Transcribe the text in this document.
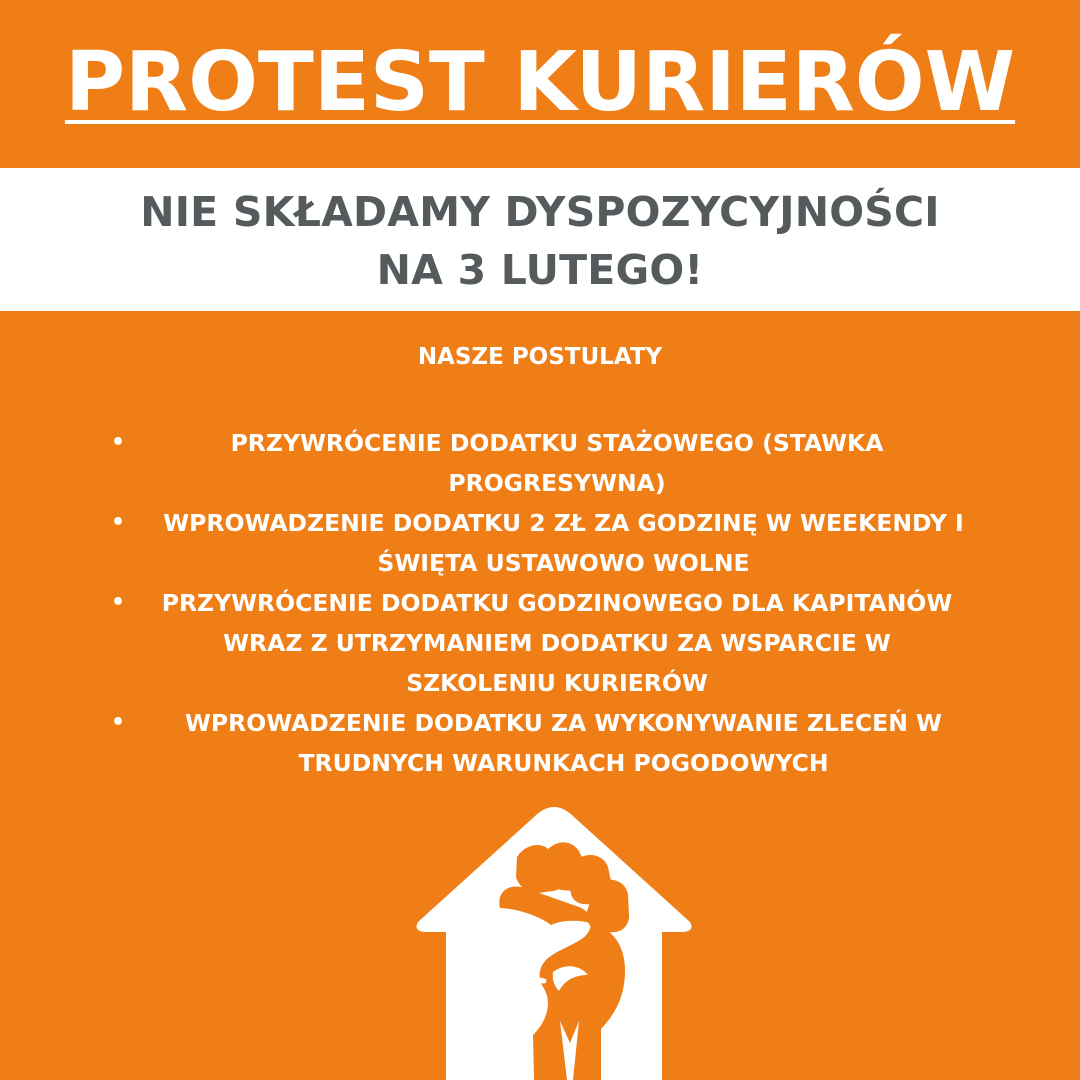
PROTEST KURIERÓW
NIE SKŁADAMY DYSPOZYCYJNOŚCI
NA 3 LUTEGO!
NASZE POSTULATY
•	PRZYWRÓCENIE DODATKU STAŻOWEGO (STAWKA PROGRESYWNA)
•	WPROWADZENIE DODATKU 2 ZŁ ZA GODZINĘ W WEEKENDY I ŚWIĘTA USTAWOWO WOLNE
•	PRZYWRÓCENIE DODATKU GODZINOWEGO DLA KAPITANÓW WRAZ Z UTRZYMANIEM DODATKU ZA WSPARCIE W SZKOLENIU KURIERÓW
•	WPROWADZENIE DODATKU ZA WYKONYWANIE ZLECEŃ W TRUDNYCH WARUNKACH POGODOWYCH
